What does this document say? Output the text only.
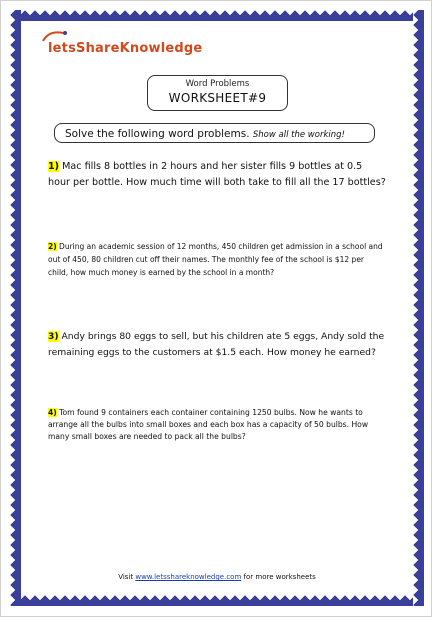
letsShareKnowledge
Word Problems
WORKSHEET#9
Solve the following word problems. Show all the working!
1) Mac fills 8 bottles in 2 hours and her sister fills 9 bottles at 0.5 hour per bottle. How much time will both take to fill all the 17 bottles?
2) During an academic session of 12 months, 450 children get admission in a school and out of 450, 80 children cut off their names. The monthly fee of the school is $12 per child, how much money is earned by the school in a month?
3) Andy brings 80 eggs to sell, but his children ate 5 eggs, Andy sold the remaining eggs to the customers at $1.5 each. How money he earned?
4) Tom found 9 containers each container containing 1250 bulbs. Now he wants to arrange all the bulbs into small boxes and each box has a capacity of 50 bulbs. How many small boxes are needed to pack all the bulbs?
Visit www.letsshareknowledge.com for more worksheets
